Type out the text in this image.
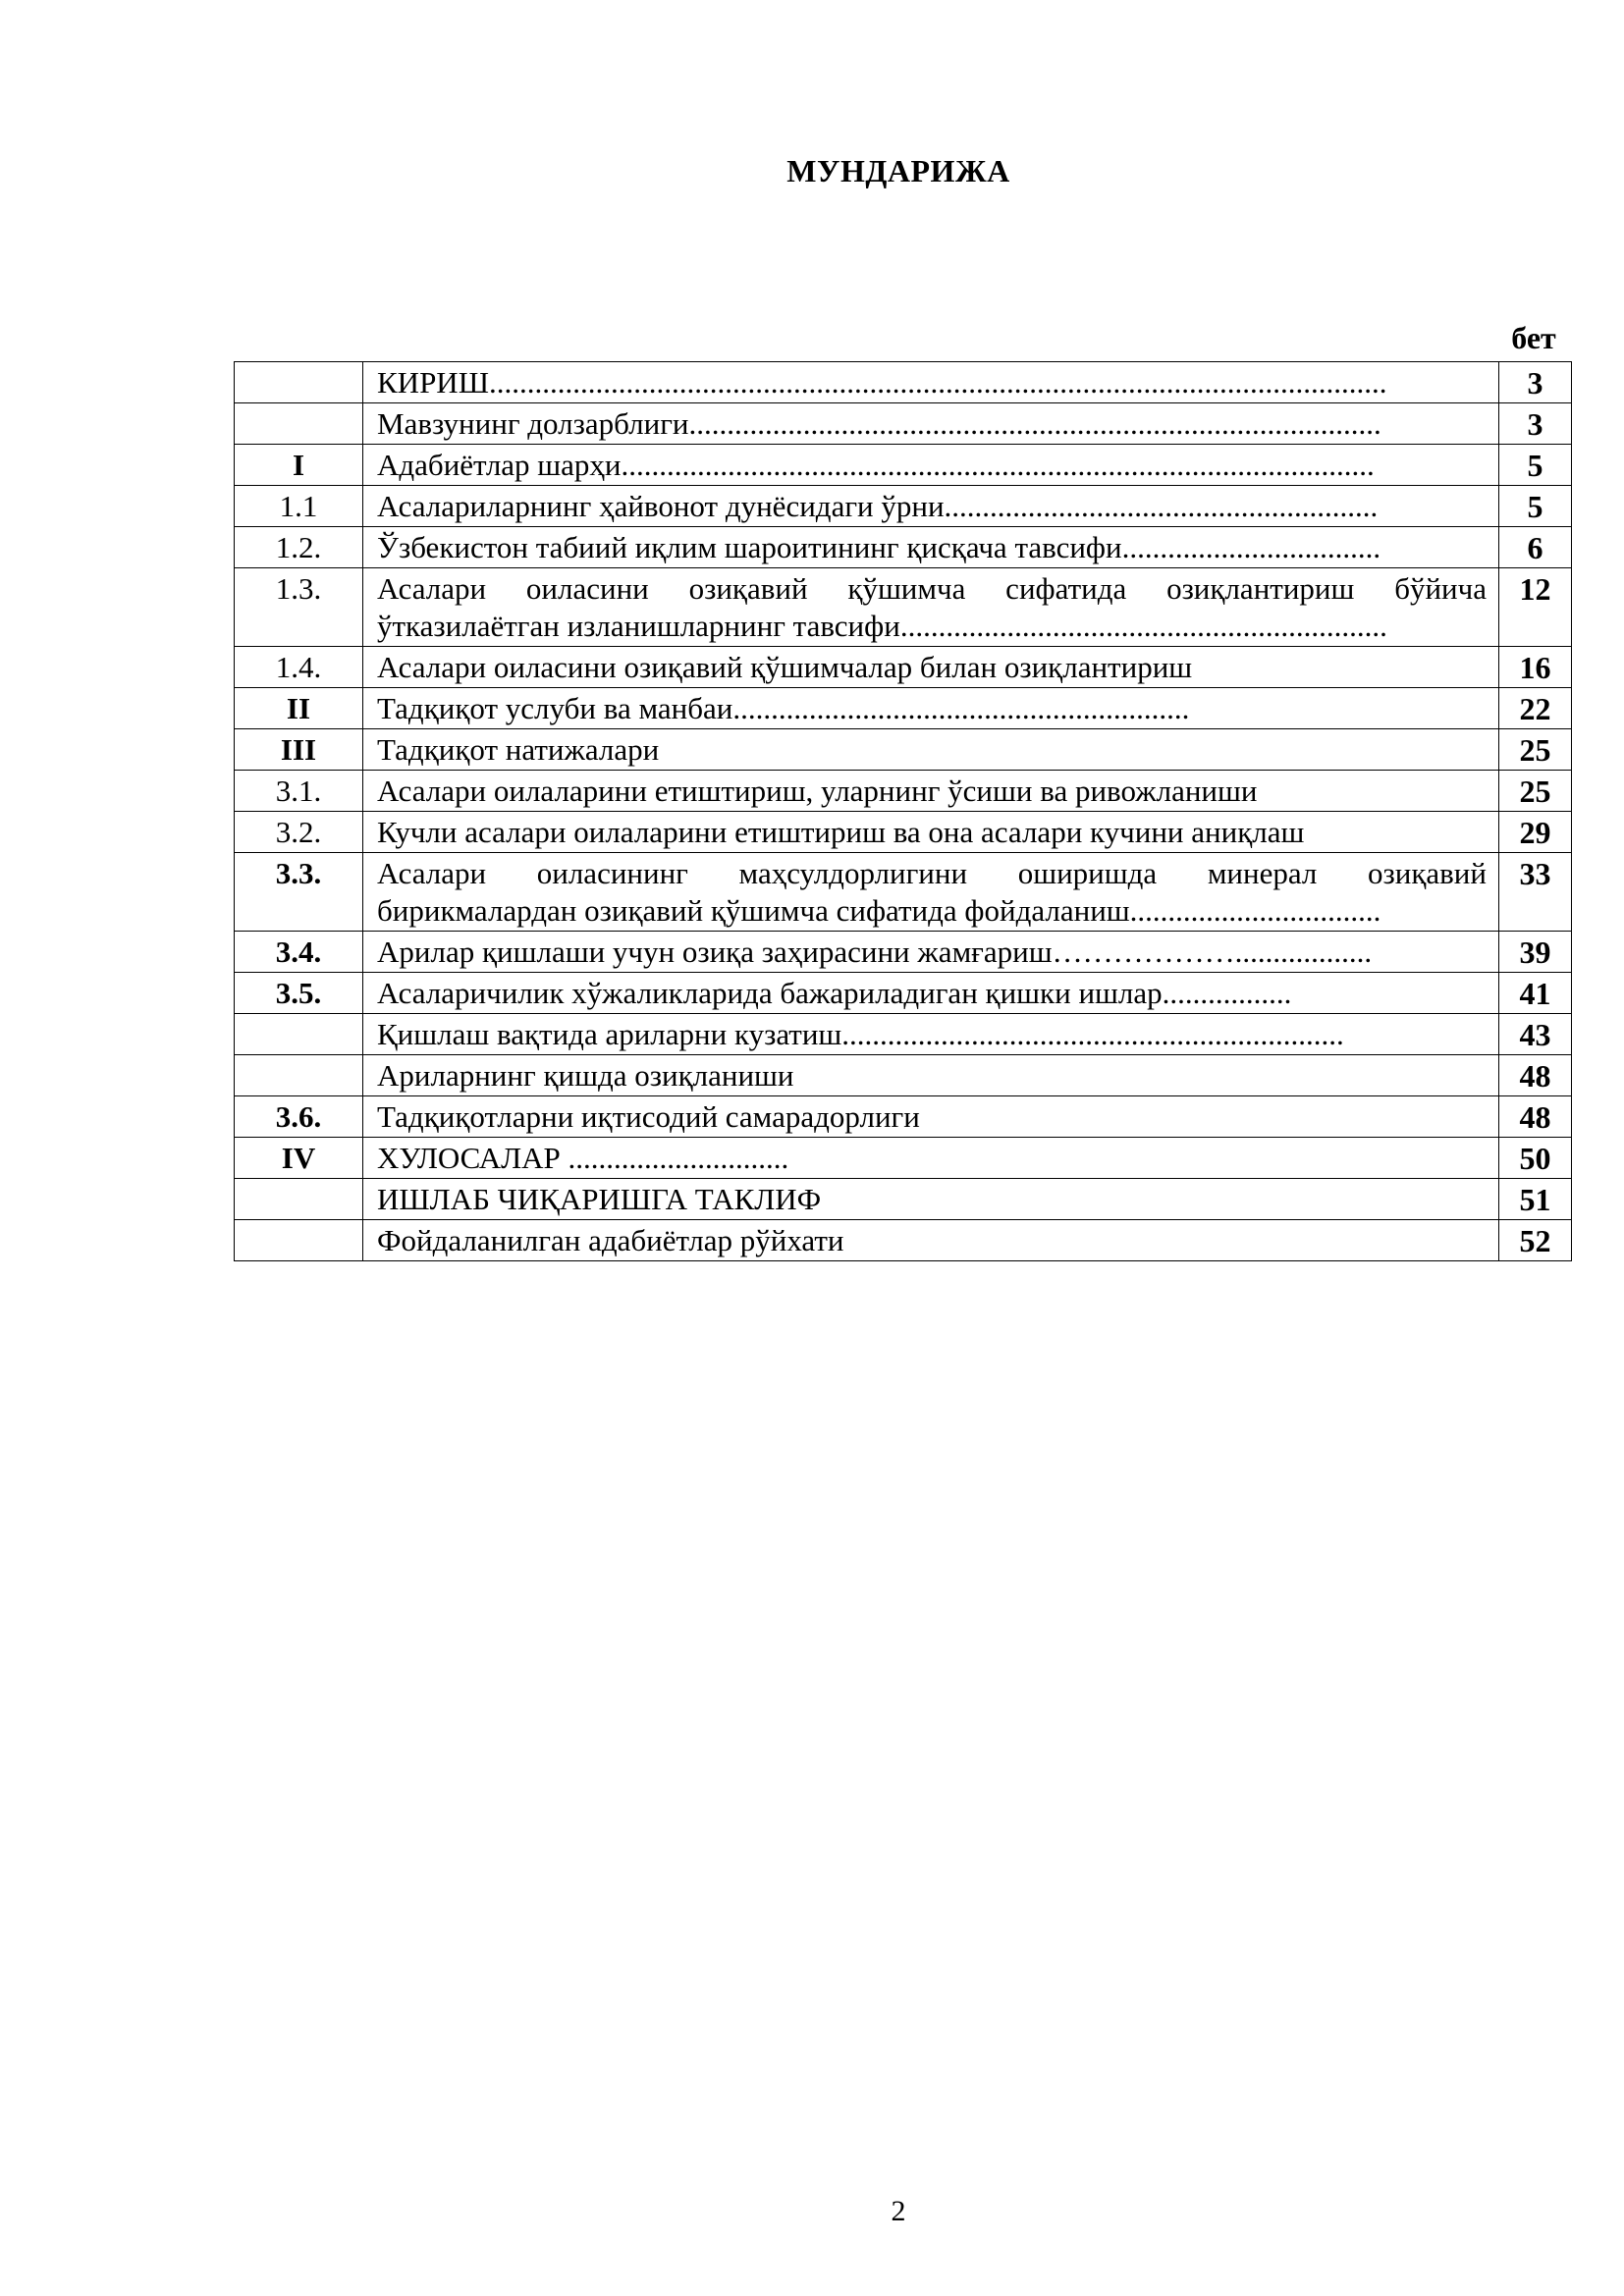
МУНДАРИЖА
бет

	КИРИШ......................................................................................................................	3

	Мавзунинг долзарблиги...........................................................................................	3
I	Адабиётлар шарҳи...................................................................................................	5
1.1	Асалариларнинг ҳайвонот дунёсидаги ўрни.........................................................	5
1.2.	Ўзбекистон табиий иқлим шароитининг қисқача тавсифи..................................	6
1.3.	Асалари оиласини озиқавий қўшимча сифатида озиқлантириш бўйича
ўтказилаётган изланишларнинг тавсифи................................................................	12
1.4.	Асалари оиласини озиқавий қўшимчалар билан озиқлантириш	16
II	Тадқиқот услуби ва манбаи............................................................	22
III	Тадқиқот натижалари	25
3.1.	Асалари оилаларини етиштириш, уларнинг ўсиши ва ривожланиши	25
3.2.	Кучли асалари оилаларини етиштириш ва она асалари кучини аниқлаш	29
3.3.	Асалари оиласининг маҳсулдорлигини оширишда минерал озиқавий
бирикмалардан озиқавий қўшимча сифатида фойдаланиш.................................	33
3.4.	Арилар қишлаши учун озиқа заҳирасини жамғариш………………..................	39
3.5.	Асаларичилик хўжаликларида бажариладиган қишки ишлар.................	41

	Қишлаш вақтида ариларни кузатиш..................................................................	43

	Ариларнинг қишда озиқланиши	48
3.6.	Тадқиқотларни иқтисодий самарадорлиги	48
IV	ХУЛОСАЛАР .............................	50

	ИШЛАБ ЧИҚАРИШГА ТАКЛИФ	51

	Фойдаланилган адабиётлар рўйхати	52
2
